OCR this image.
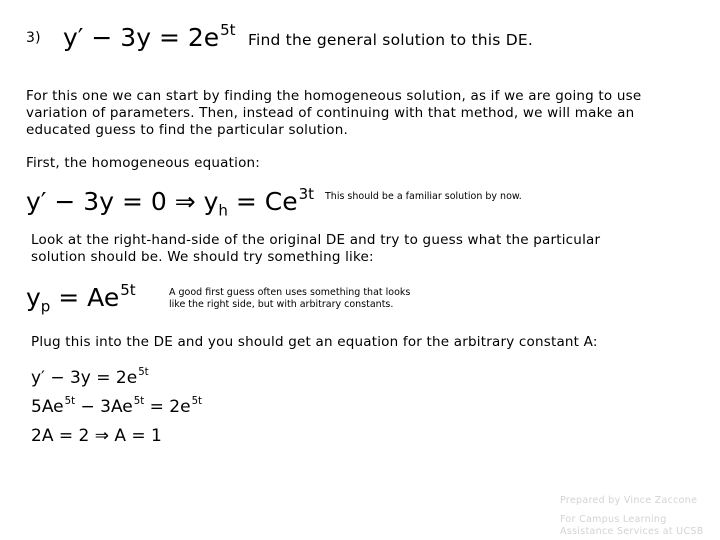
3) $y' - 3y = 2e^{5t}$
Find the general solution to this DE.
For this one we can start by finding the homogeneous solution, as if we are going to use
variation of parameters. Then, instead of continuing with that method, we will make an
educated guess to find the particular solution.
First, the homogeneous equation:
y′ − 3y = 0 ⇒ $y_h = Ce^{3t}$ This should be a familiar solution by now.
Look at the right-hand-side of the original DE and try to guess what the particular
solution should be. We should try something like:
$y_p = Ae^{5t}$	A good first guess often uses something that looks
like the right side, but with arbitrary constants.
Plug this into the DE and you should get an equation for the arbitrary constant A:
$y' - 3y = 2e^{5t}$
$5Ae^{5t} - 3Ae^{5t} = 2e^{5t}$
2A = 2 ⇒ A = 1
Prepared by Vince Zaccone
For Campus Learning
Assistance Services at UCSB
